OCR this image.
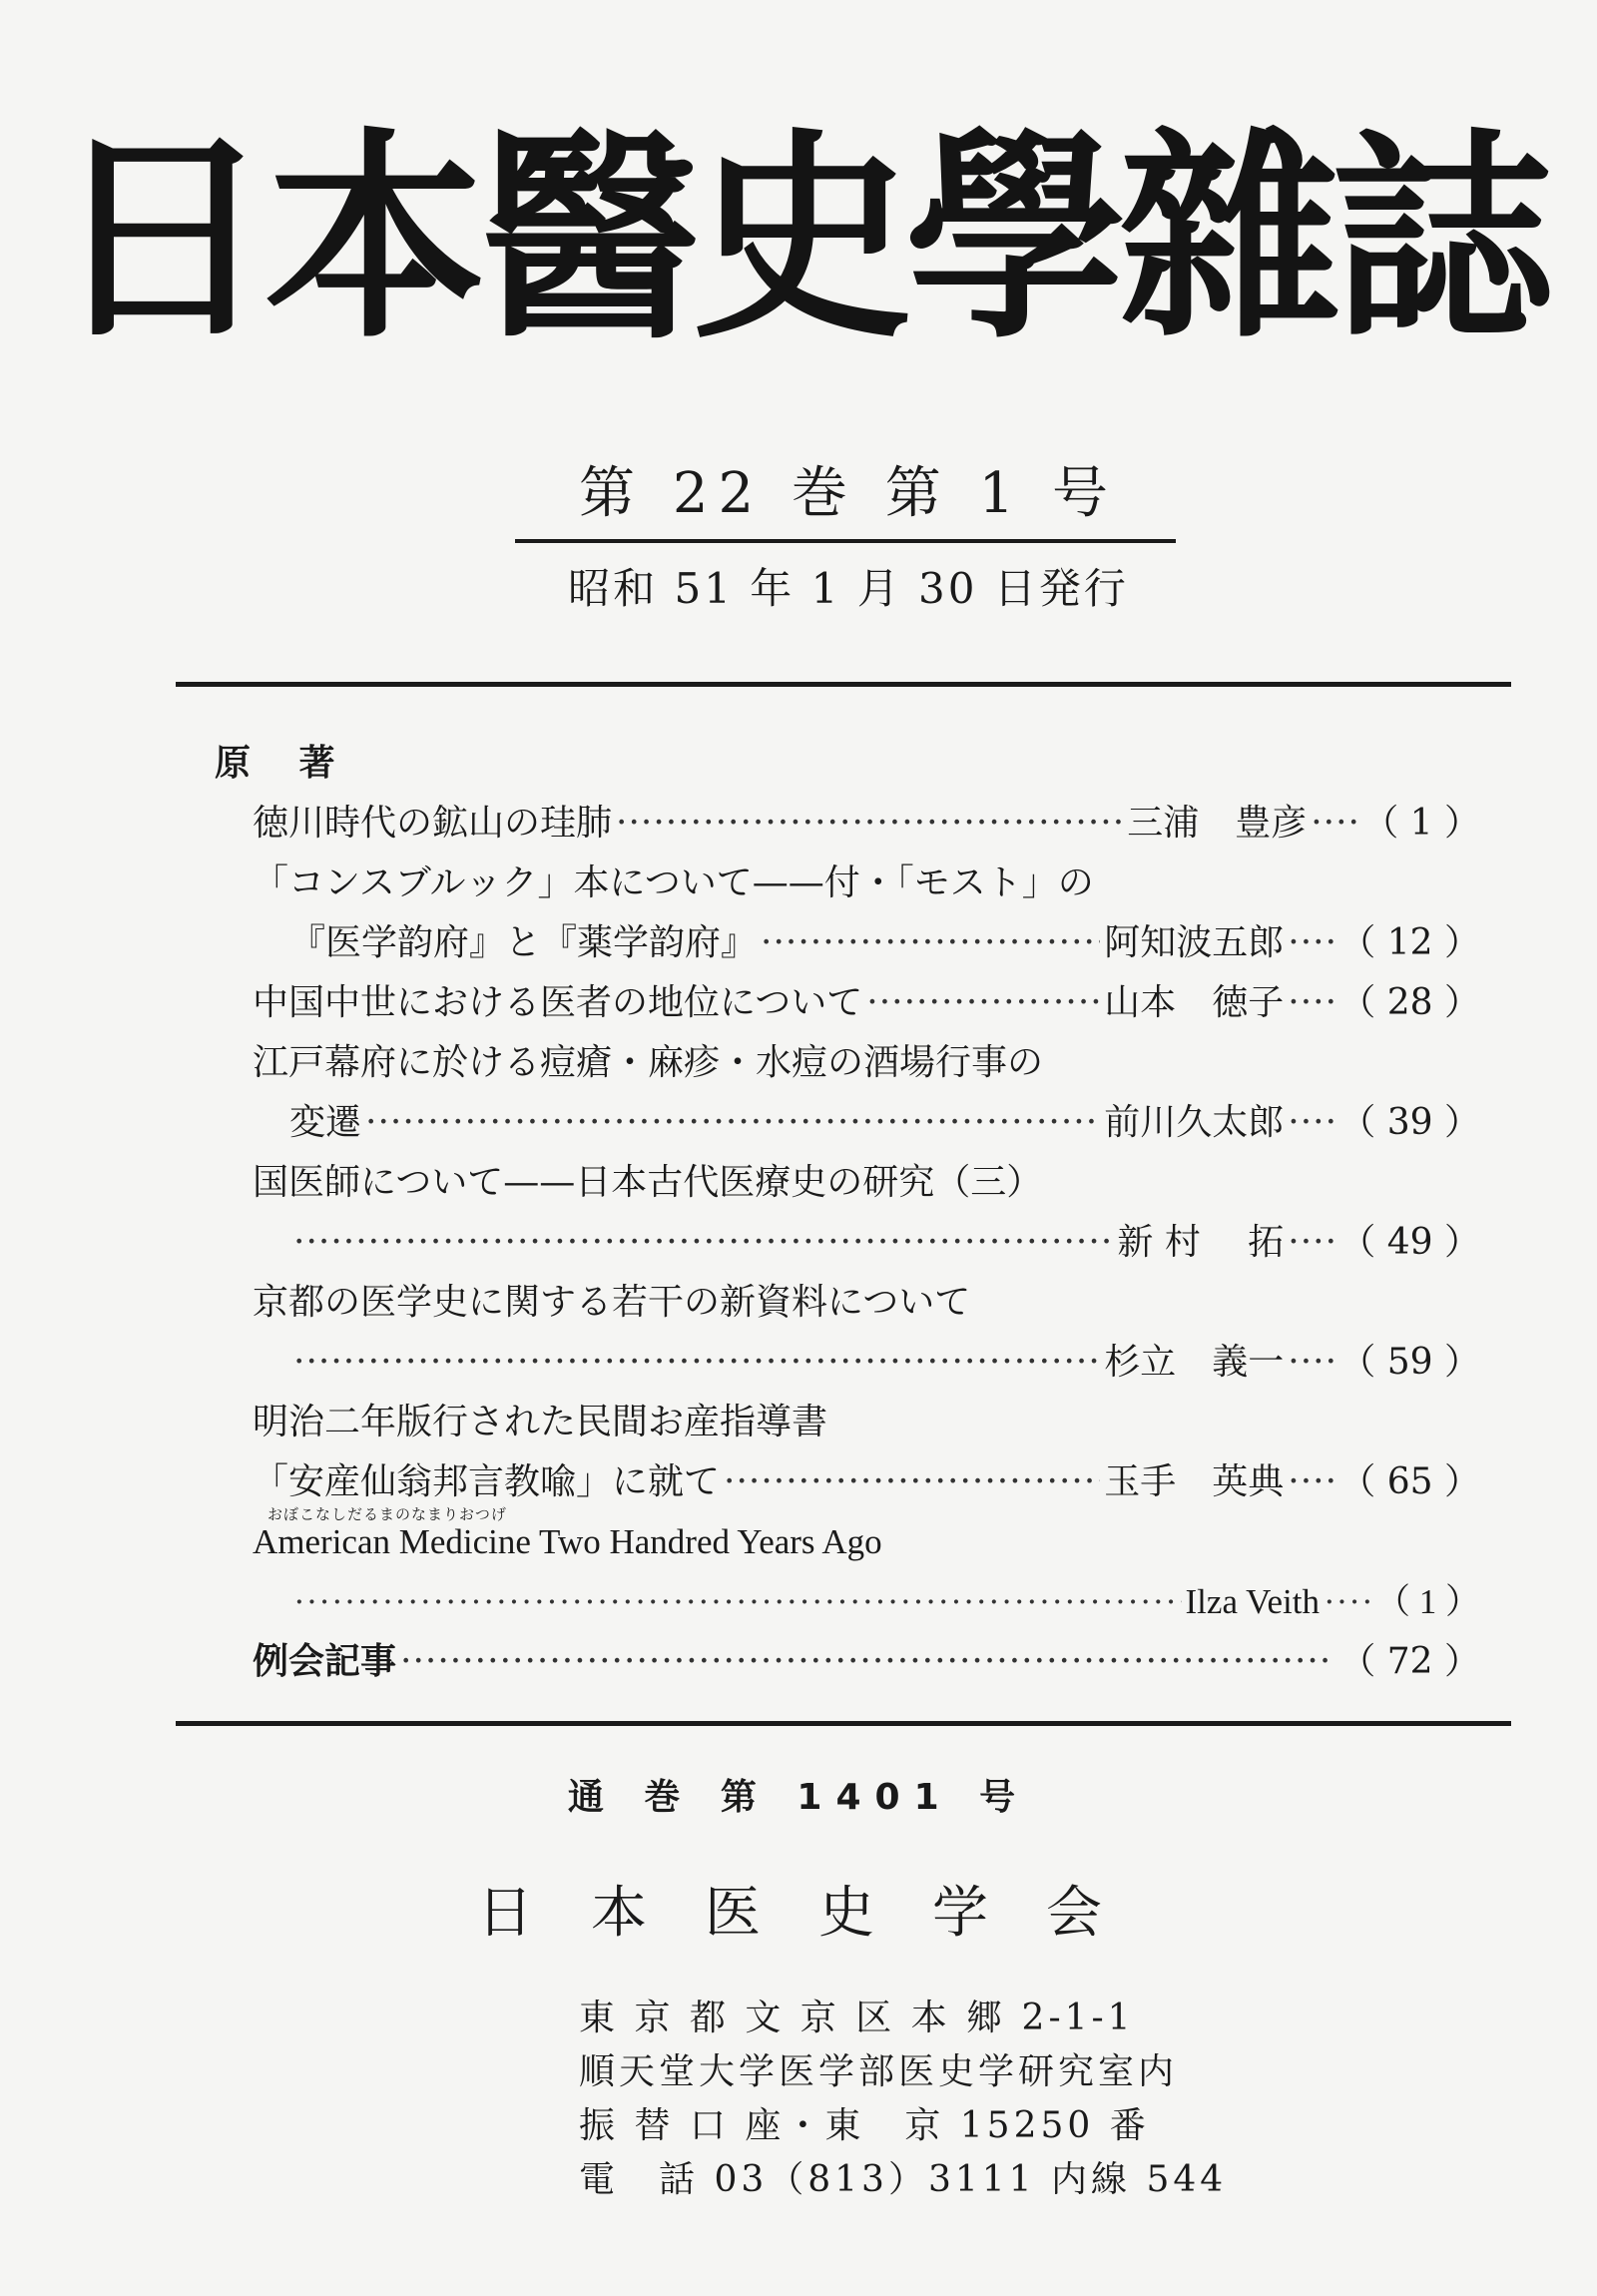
日本醫史學雜誌
第 22 巻 第 1 号
昭和 51 年 1 月 30 日発行
原 著
徳川時代の鉱山の珪肺 ·····	三浦　豊彦 ····· （ 1 ）
「コンスブルック」本について——付・「モスト」の
『医学韵府』と『薬学韵府』 ·····	阿知波五郎 ····· （ 12 ）
中国中世における医者の地位について ·····	山本　徳子 ····· （ 28 ）
江戸幕府に於ける痘瘡・麻疹・水痘の酒場行事の
変遷 ·····	前川久太郎 ····· （ 39 ）
国医師について——日本古代医療史の研究（三）
·····
新 村　 拓 ····· （ 49 ）
京都の医学史に関する若干の新資料について
·····
杉立　義一 ····· （ 59 ）
明治二年版行された民間お産指導書
「安産仙翁邦言教喩」に就て ·····	玉手　英典 ····· （ 65 ）
おぼこなしだるまのなまりおつげ
American Medicine Two Handred Years Ago
·····
Ilza Veith ····· （ 1 ）
例会記事 ·····	（ 72 ）
通 巻 第 1401 号
日本医史学会
東 京 都 文 京 区 本 郷 2-1-1
順天堂大学医学部医史学研究室内
振 替 口 座・東　京 15250 番
電　話 03（813）3111 内線 544
